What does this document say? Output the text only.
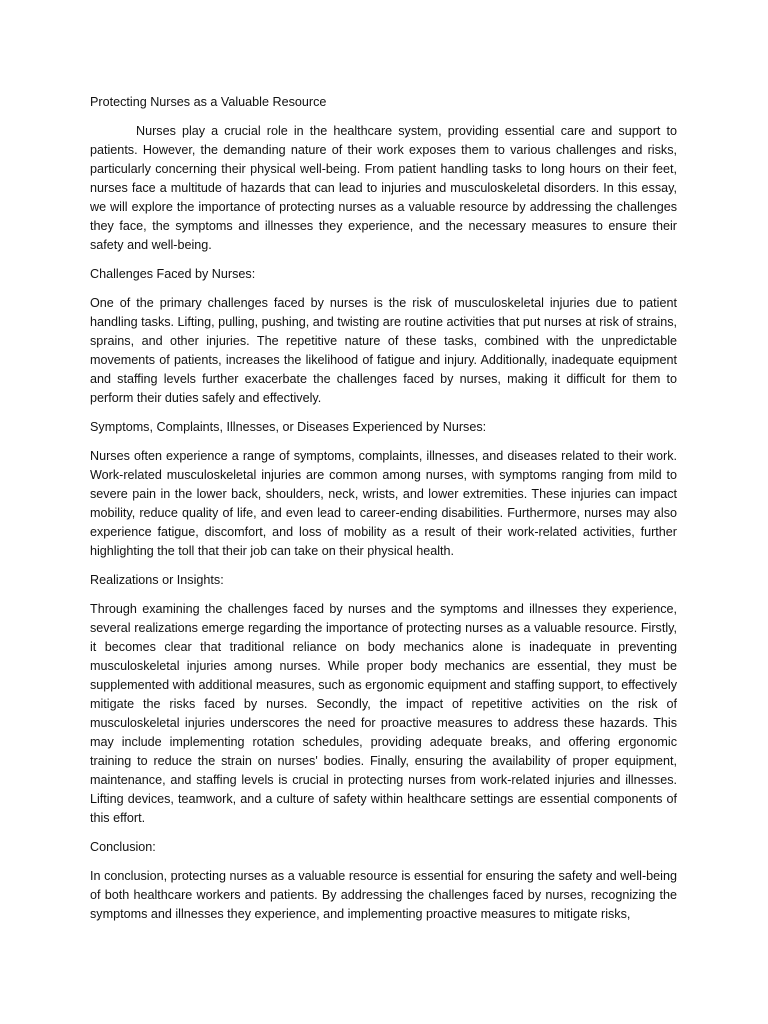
Protecting Nurses as a Valuable Resource

Nurses play a crucial role in the healthcare system, providing essential care and support to patients. However, the demanding nature of their work exposes them to various challenges and risks, particularly concerning their physical well-being. From patient handling tasks to long hours on their feet, nurses face a multitude of hazards that can lead to injuries and musculoskeletal disorders. In this essay, we will explore the importance of protecting nurses as a valuable resource by addressing the challenges they face, the symptoms and illnesses they experience, and the necessary measures to ensure their safety and well-being.

Challenges Faced by Nurses:

One of the primary challenges faced by nurses is the risk of musculoskeletal injuries due to patient handling tasks. Lifting, pulling, pushing, and twisting are routine activities that put nurses at risk of strains, sprains, and other injuries. The repetitive nature of these tasks, combined with the unpredictable movements of patients, increases the likelihood of fatigue and injury. Additionally, inadequate equipment and staffing levels further exacerbate the challenges faced by nurses, making it difficult for them to perform their duties safely and effectively.

Symptoms, Complaints, Illnesses, or Diseases Experienced by Nurses:

Nurses often experience a range of symptoms, complaints, illnesses, and diseases related to their work. Work-related musculoskeletal injuries are common among nurses, with symptoms ranging from mild to severe pain in the lower back, shoulders, neck, wrists, and lower extremities. These injuries can impact mobility, reduce quality of life, and even lead to career-ending disabilities. Furthermore, nurses may also experience fatigue, discomfort, and loss of mobility as a result of their work-related activities, further highlighting the toll that their job can take on their physical health.

Realizations or Insights:

Through examining the challenges faced by nurses and the symptoms and illnesses they experience, several realizations emerge regarding the importance of protecting nurses as a valuable resource. Firstly, it becomes clear that traditional reliance on body mechanics alone is inadequate in preventing musculoskeletal injuries among nurses. While proper body mechanics are essential, they must be supplemented with additional measures, such as ergonomic equipment and staffing support, to effectively mitigate the risks faced by nurses. Secondly, the impact of repetitive activities on the risk of musculoskeletal injuries underscores the need for proactive measures to address these hazards. This may include implementing rotation schedules, providing adequate breaks, and offering ergonomic training to reduce the strain on nurses' bodies. Finally, ensuring the availability of proper equipment, maintenance, and staffing levels is crucial in protecting nurses from work-related injuries and illnesses. Lifting devices, teamwork, and a culture of safety within healthcare settings are essential components of this effort.

Conclusion:

In conclusion, protecting nurses as a valuable resource is essential for ensuring the safety and well-being of both healthcare workers and patients. By addressing the challenges faced by nurses, recognizing the symptoms and illnesses they experience, and implementing proactive measures to mitigate risks,
